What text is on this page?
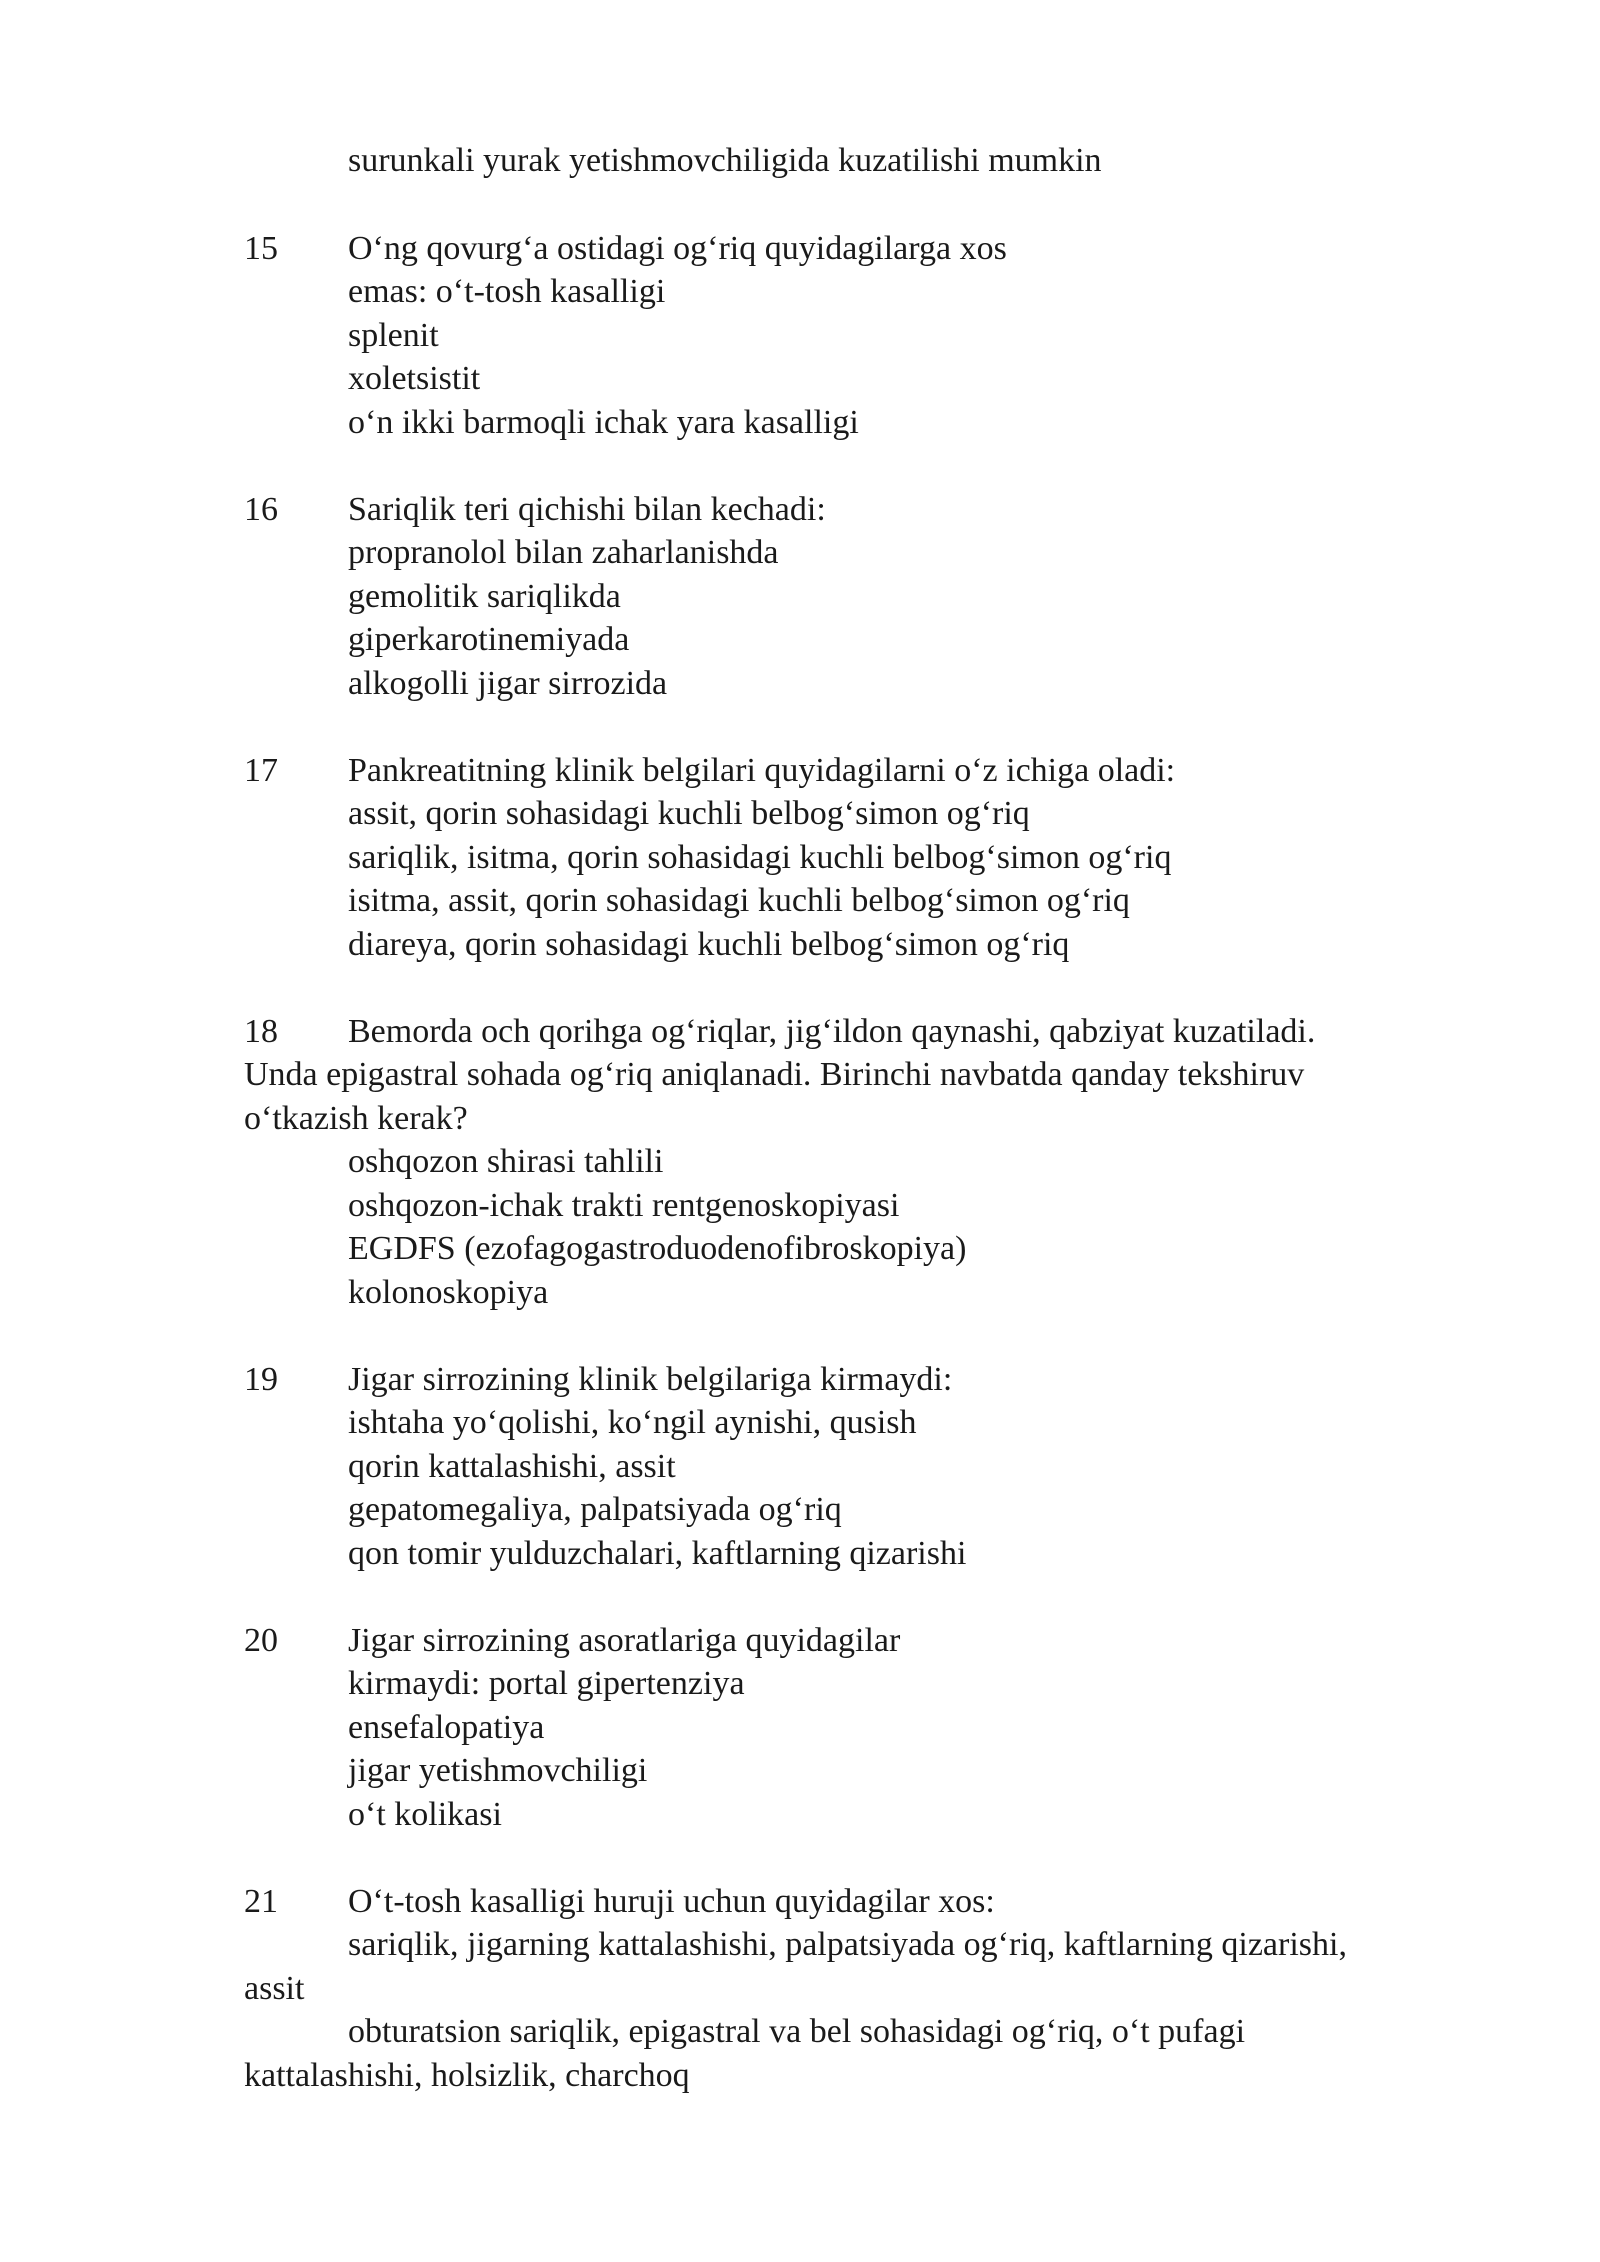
surunkali yurak yetishmovchiligida kuzatilishi mumkin

15 O‘ng qovurg‘a ostidagi og‘riq quyidagilarga xos

emas: o‘t-tosh kasalligi

splenit

xoletsistit

o‘n ikki barmoqli ichak yara kasalligi

16 Sariqlik teri qichishi bilan kechadi:

propranolol bilan zaharlanishda

gemolitik sariqlikda

giperkarotinemiyada

alkogolli jigar sirrozida

17 Pankreatitning klinik belgilari quyidagilarni o‘z ichiga oladi:

assit, qorin sohasidagi kuchli belbog‘simon og‘riq

sariqlik, isitma, qorin sohasidagi kuchli belbog‘simon og‘riq

isitma, assit, qorin sohasidagi kuchli belbog‘simon og‘riq

diareya, qorin sohasidagi kuchli belbog‘simon og‘riq

18 Bemorda och qorihga og‘riqlar, jig‘ildon qaynashi, qabziyat kuzatiladi.

Unda epigastral sohada og‘riq aniqlanadi. Birinchi navbatda qanday tekshiruv

o‘tkazish kerak?

oshqozon shirasi tahlili

oshqozon-ichak trakti rentgenoskopiyasi

EGDFS (ezofagogastroduodenofibroskopiya)

kolonoskopiya

19 Jigar sirrozining klinik belgilariga kirmaydi:

ishtaha yo‘qolishi, ko‘ngil aynishi, qusish

qorin kattalashishi, assit

gepatomegaliya, palpatsiyada og‘riq

qon tomir yulduzchalari, kaftlarning qizarishi

20 Jigar sirrozining asoratlariga quyidagilar

kirmaydi: portal gipertenziya

ensefalopatiya

jigar yetishmovchiligi

o‘t kolikasi

21 O‘t-tosh kasalligi huruji uchun quyidagilar xos:

sariqlik, jigarning kattalashishi, palpatsiyada og‘riq, kaftlarning qizarishi,

assit

obturatsion sariqlik, epigastral va bel sohasidagi og‘riq, o‘t pufagi

kattalashishi, holsizlik, charchoq
